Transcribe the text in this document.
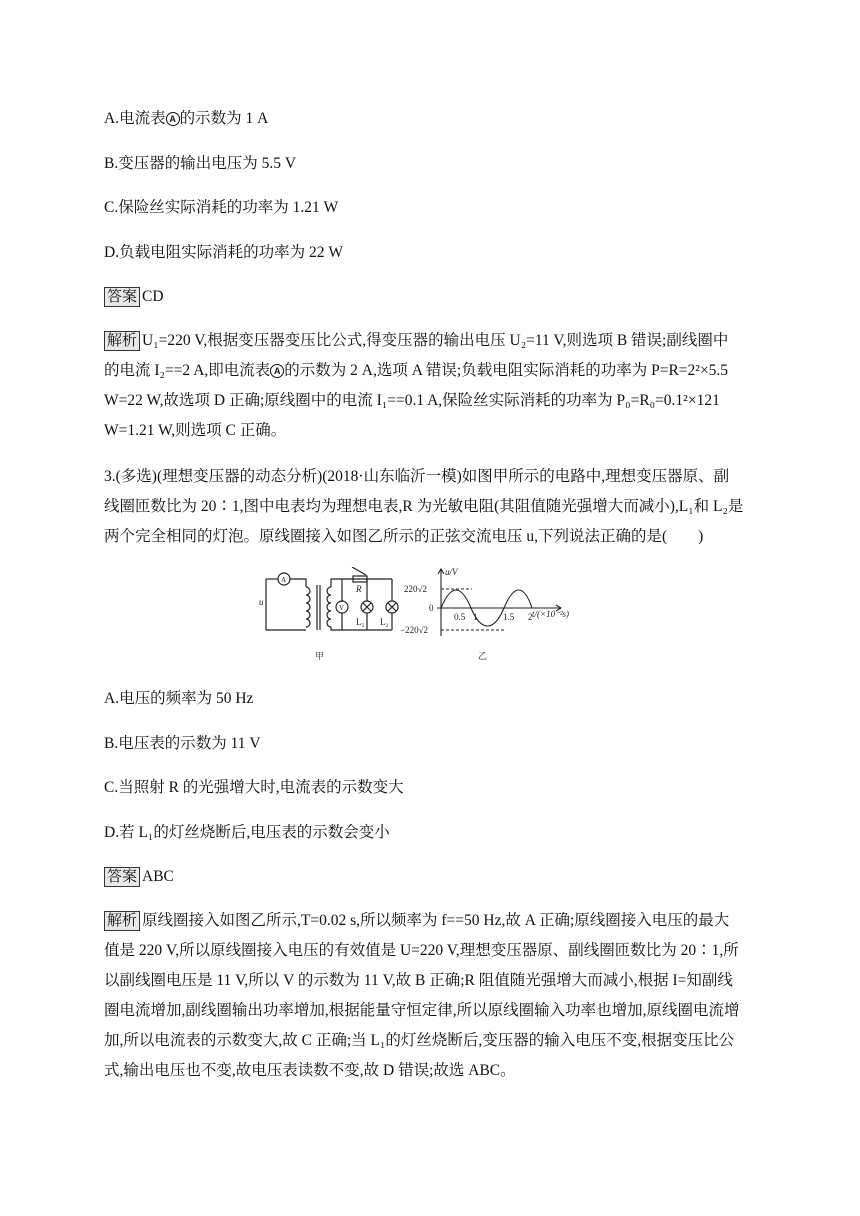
A.电流表 A 的示数为 1 A

B.变压器的输出电压为 5.5 V

C.保险丝实际消耗的功率为 1.21 W

D.负载电阻实际消耗的功率为 22 W

答案 CD

解析 U₁=220 V,根据变压器变压比公式,得变压器的输出电压 U₂=11 V,则选项 B 错误;副线圈中

的电流 I₂==2 A,即电流表 A 的示数为 2 A,选项 A 错误;负载电阻实际消耗的功率为 P=R=2²×5.5

W=22 W,故选项 D 正确;原线圈中的电流 I₁==0.1 A,保险丝实际消耗的功率为 P₀=R₀=0.1²×121

W=1.21 W,则选项 C 正确。

3.(多选)(理想变压器的动态分析)(2018·山东临沂一模)如图甲所示的电路中,理想变压器原、副

线圈匝数比为 20∶1,图中电表均为理想电表,R 为光敏电阻(其阻值随光强增大而减小),L₁和 L₂是

两个完全相同的灯泡。原线圈接入如图乙所示的正弦交流电压 u,下列说法正确的是(　　)

A.电压的频率为 50 Hz

B.电压表的示数为 11 V

C.当照射 R 的光强增大时,电流表的示数变大

D.若 L₁的灯丝烧断后,电压表的示数会变小

答案 ABC

解析 原线圈接入如图乙所示,T=0.02 s,所以频率为 f==50 Hz,故 A 正确;原线圈接入电压的最大

值是 220 V,所以原线圈接入电压的有效值是 U=220 V,理想变压器原、副线圈匝数比为 20∶1,所

以副线圈电压是 11 V,所以 V 的示数为 11 V,故 B 正确;R 阻值随光强增大而减小,根据 I=知副线

圈电流增加,副线圈输出功率增加,根据能量守恒定律,所以原线圈输入功率也增加,原线圈电流增

加,所以电流表的示数变大,故 C 正确;当 L₁的灯丝烧断后,变压器的输入电压不变,根据变压比公

式,输出电压也不变,故电压表读数不变,故 D 错误;故选 ABC。

u
A
V
R
L₁ L₂
甲	乙
u/V
220√2
0
−220√2
0.5 1	1.5 2 t/(×10⁻²s)
